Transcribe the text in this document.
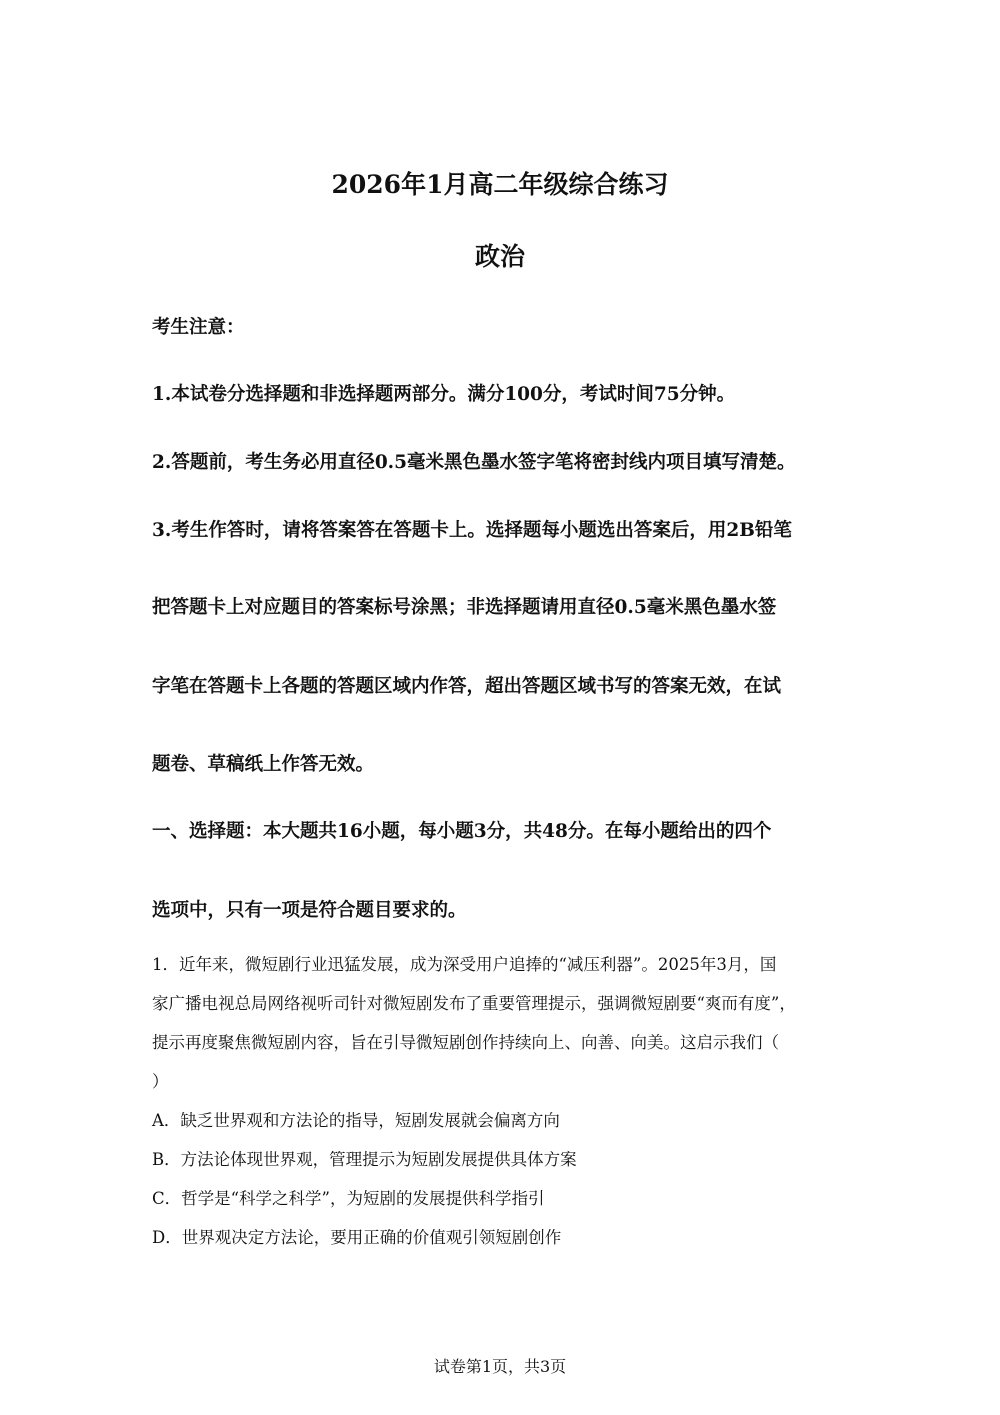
2026年1月高二年级综合练习
政治
考生注意：
1.本试卷分选择题和非选择题两部分。满分100分，考试时间75分钟。
2.答题前，考生务必用直径0.5毫米黑色墨水签字笔将密封线内项目填写清楚。
3.考生作答时，请将答案答在答题卡上。选择题每小题选出答案后，用2B铅笔
把答题卡上对应题目的答案标号涂黑；非选择题请用直径0.5毫米黑色墨水签
字笔在答题卡上各题的答题区域内作答，超出答题区域书写的答案无效，在试
题卷、草稿纸上作答无效。
一、选择题：本大题共16小题，每小题3分，共48分。在每小题给出的四个
选项中，只有一项是符合题目要求的。
1．近年来，微短剧行业迅猛发展，成为深受用户追捧的“减压利器”。2025年3月，国
家广播电视总局网络视听司针对微短剧发布了重要管理提示，强调微短剧要“爽而有度”，
提示再度聚焦微短剧内容，旨在引导微短剧创作持续向上、向善、向美。这启示我们（
）
A．缺乏世界观和方法论的指导，短剧发展就会偏离方向
B．方法论体现世界观，管理提示为短剧发展提供具体方案
C．哲学是“科学之科学”，为短剧的发展提供科学指引
D．世界观决定方法论，要用正确的价值观引领短剧创作
试卷第1页，共3页
